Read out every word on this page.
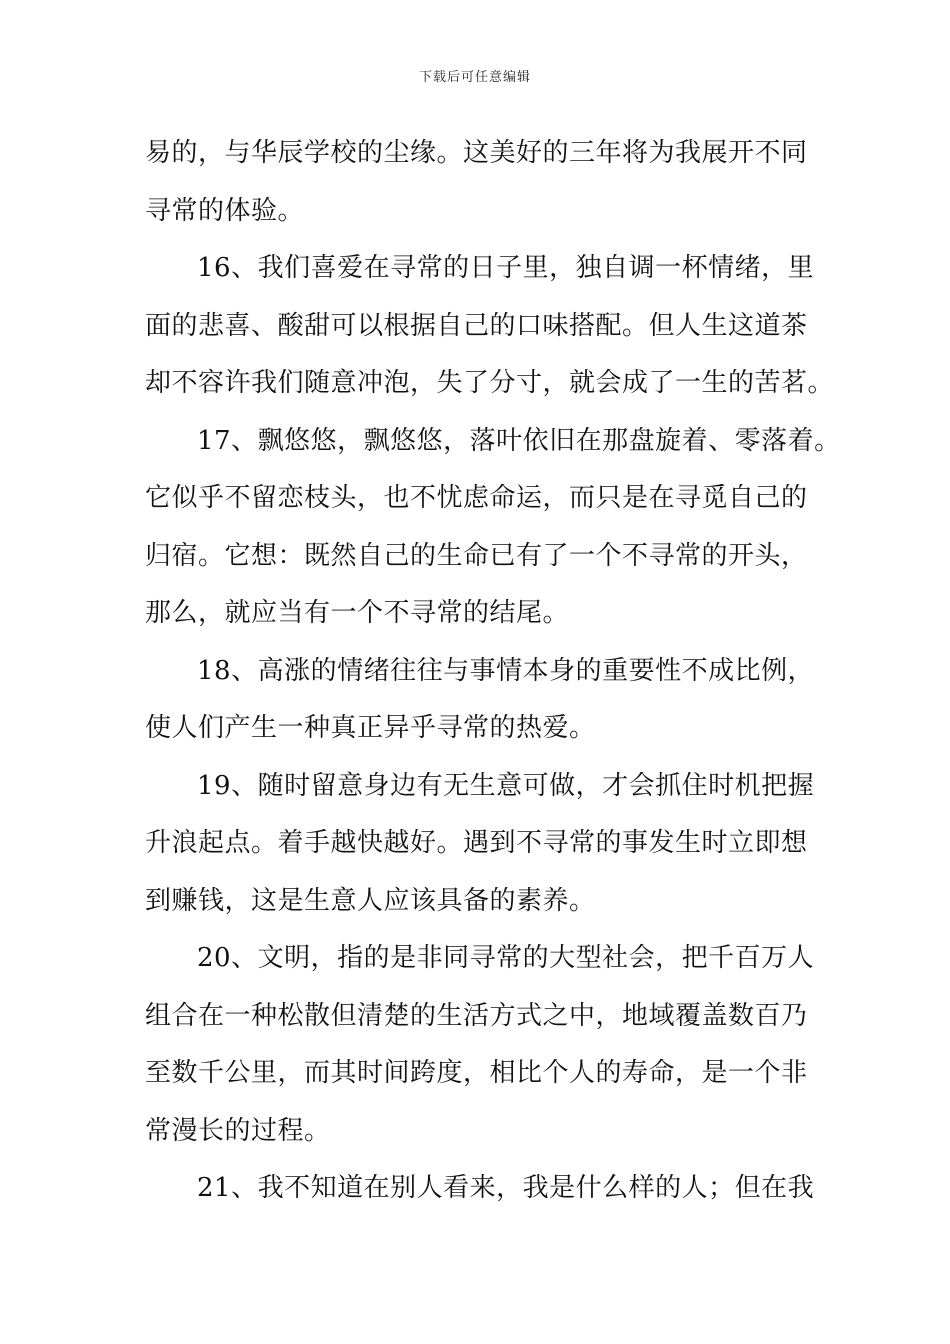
下载后可任意编辑
易的，与华辰学校的尘缘。这美好的三年将为我展开不同
寻常的体验。
16、我们喜爱在寻常的日子里，独自调一杯情绪，里
面的悲喜、酸甜可以根据自己的口味搭配。但人生这道茶
却不容许我们随意冲泡，失了分寸，就会成了一生的苦茗。
17、飘悠悠，飘悠悠，落叶依旧在那盘旋着、零落着。
它似乎不留恋枝头，也不忧虑命运，而只是在寻觅自己的
归宿。它想：既然自己的生命已有了一个不寻常的开头，
那么，就应当有一个不寻常的结尾。
18、高涨的情绪往往与事情本身的重要性不成比例，
使人们产生一种真正异乎寻常的热爱。
19、随时留意身边有无生意可做，才会抓住时机把握
升浪起点。着手越快越好。遇到不寻常的事发生时立即想
到赚钱，这是生意人应该具备的素养。
20、文明，指的是非同寻常的大型社会，把千百万人
组合在一种松散但清楚的生活方式之中，地域覆盖数百乃
至数千公里，而其时间跨度，相比个人的寿命，是一个非
常漫长的过程。
21、我不知道在别人看来，我是什么样的人；但在我
